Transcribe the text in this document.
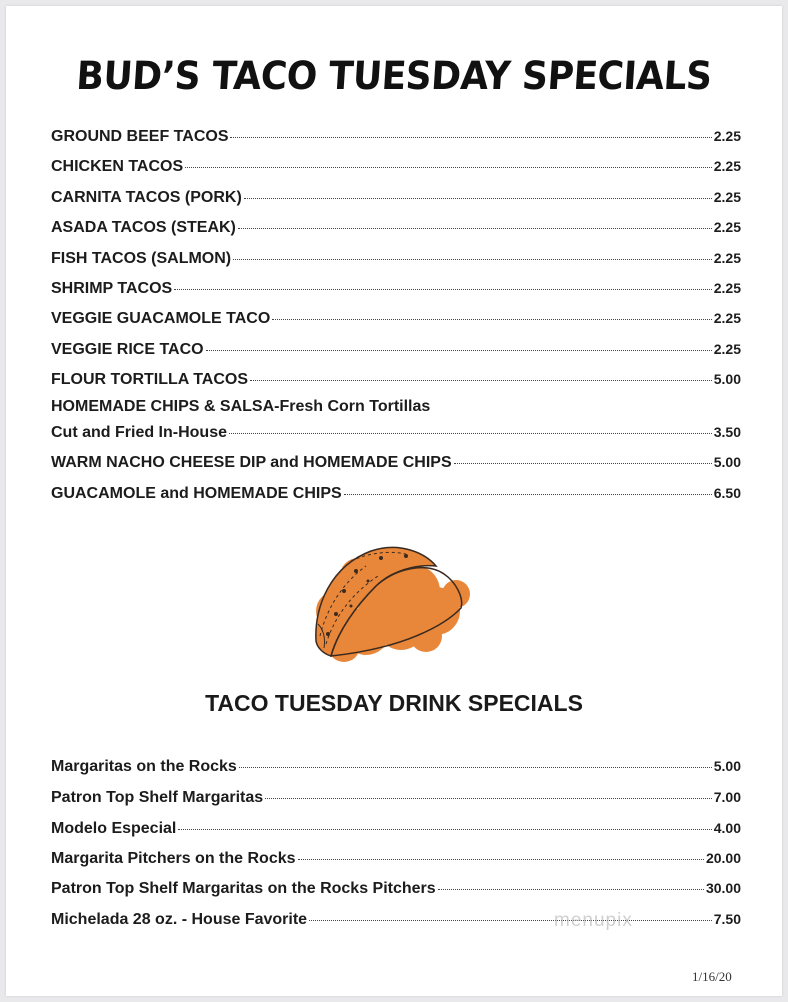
BUD’S TACO TUESDAY SPECIALS
GROUND BEEF TACOS	2.25
CHICKEN TACOS	2.25
CARNITA TACOS (PORK)	2.25
ASADA TACOS (STEAK)	2.25
FISH TACOS (SALMON)	2.25
SHRIMP TACOS	2.25
VEGGIE GUACAMOLE TACO	2.25
VEGGIE RICE TACO	2.25
FLOUR TORTILLA TACOS	5.00
HOMEMADE CHIPS & SALSA-Fresh Corn Tortillas
Cut and Fried In-House	3.50
WARM NACHO CHEESE DIP and HOMEMADE CHIPS	5.00
GUACAMOLE and HOMEMADE CHIPS	6.50
TACO TUESDAY DRINK SPECIALS
Margaritas on the Rocks	5.00
Patron Top Shelf Margaritas	7.00
Modelo Especial	4.00
Margarita Pitchers on the Rocks	20.00
Patron Top Shelf Margaritas on the Rocks Pitchers	30.00
Michelada 28 oz. - House Favorite	7.50
menupix
1/16/20
